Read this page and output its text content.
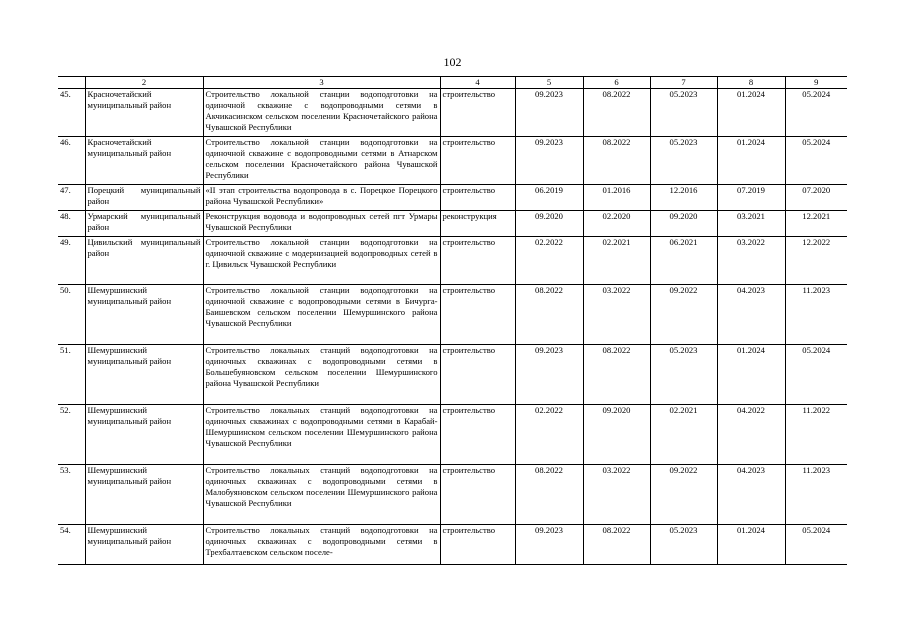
102
	2	3	4	5	6	7	8	9
45.	Красночетайский муниципальный район	Строительство локальной станции водоподготовки на одиночной скважине с водопроводными сетями в Акчикасинском сельском поселении Красночетайского района Чувашской Республики	строительство	09.2023	08.2022	05.2023	01.2024	05.2024
46.	Красночетайский муниципальный район	Строительство локальной станции водоподготовки на одиночной скважине с водопроводными сетями в Атнарском сельском поселении Красночетайского района Чувашской Республики	строительство	09.2023	08.2022	05.2023	01.2024	05.2024
47.	Порецкий муниципальный район	«II этап строительства водопровода в с. Порецкое Порецкого района Чувашской Республики»	строительство	06.2019	01.2016	12.2016	07.2019	07.2020
48.	Урмарский муниципальный район	Реконструкция водовода и водопроводных сетей пгт Урмары Чувашской Республики	реконструкция	09.2020	02.2020	09.2020	03.2021	12.2021
49.	Цивильский муниципальный район	Строительство локальной станции водоподготовки на одиночной скважине с модернизацией водопроводных сетей в г. Цивильск Чувашской Республики	строительство	02.2022	02.2021	06.2021	03.2022	12.2022
50.	Шемуршинский муниципальный район	Строительство локальной станции водоподготовки на одиночной скважине с водопроводными сетями в Бичурга-Баишевском сельском поселении Шемуршинского района Чувашской Республики	строительство	08.2022	03.2022	09.2022	04.2023	11.2023
51.	Шемуршинский муниципальный район	Строительство локальных станций водоподготовки на одиночных скважинах с водопроводными сетями в Большебуяновском сельском поселении Шемуршинского района Чувашской Республики	строительство	09.2023	08.2022	05.2023	01.2024	05.2024
52.	Шемуршинский муниципальный район	Строительство локальных станций водоподготовки на одиночных скважинах с водопроводными сетями в Карабай-Шемуршинском сельском поселении Шемуршинского района Чувашской Республики	строительство	02.2022	09.2020	02.2021	04.2022	11.2022
53.	Шемуршинский муниципальный район	Строительство локальных станций водоподготовки на одиночных скважинах с водопроводными сетями в Малобуяновском сельском поселении Шемуршинского района Чувашской Республики	строительство	08.2022	03.2022	09.2022	04.2023	11.2023
54.	Шемуршинский муниципальный район	Строительство локальных станций водоподготовки на одиночных скважинах с водопроводными сетями в Трехбалтаевском сельском поселе-	строительство	09.2023	08.2022	05.2023	01.2024	05.2024
